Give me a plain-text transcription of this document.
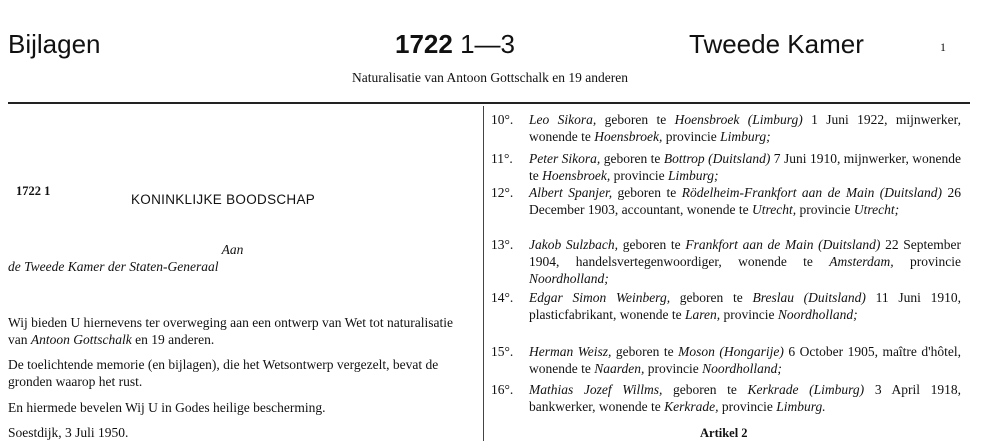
Bijlagen	1722 1—3	Tweede Kamer	1
Naturalisatie van Antoon Gottschalk en 19 anderen
1722 1
KONINKLIJKE BOODSCHAP
Aan
de Tweede Kamer der Staten-Generaal

Wij bieden U hiernevens ter overweging aan een ontwerp van Wet tot naturalisatie van Antoon Gottschalk en 19 anderen.

De toelichtende memorie (en bijlagen), die het Wetsontwerp vergezelt, bevat de gronden waarop het rust.

En hiermede bevelen Wij U in Godes heilige bescherming.

Soestdijk, 3 Juli 1950.

10°.	Leo Sikora, geboren te Hoensbroek (Limburg) 1 Juni 1922, mijnwerker, wonende te Hoensbroek, provincie Limburg;
11°.	Peter Sikora, geboren te Bottrop (Duitsland) 7 Juni 1910, mijnwerker, wonende te Hoensbroek, provincie Limburg;
12°.	Albert Spanjer, geboren te Rödelheim-Frankfort aan de Main (Duitsland) 26 December 1903, accountant, wonende te Utrecht, provincie Utrecht;
13°.	Jakob Sulzbach, geboren te Frankfort aan de Main (Duitsland) 22 September 1904, handelsvertegenwoordiger, wonende te Amsterdam, provincie Noordholland;
14°.	Edgar Simon Weinberg, geboren te Breslau (Duitsland) 11 Juni 1910, plasticfabrikant, wonende te Laren, provincie Noordholland;
15°.	Herman Weisz, geboren te Moson (Hongarije) 6 October 1905, maître d'hôtel, wonende te Naarden, provincie Noordholland;
16°.	Mathias Jozef Willms, geboren te Kerkrade (Limburg) 3 April 1918, bankwerker, wonende te Kerkrade, provincie Limburg.
Artikel 2
